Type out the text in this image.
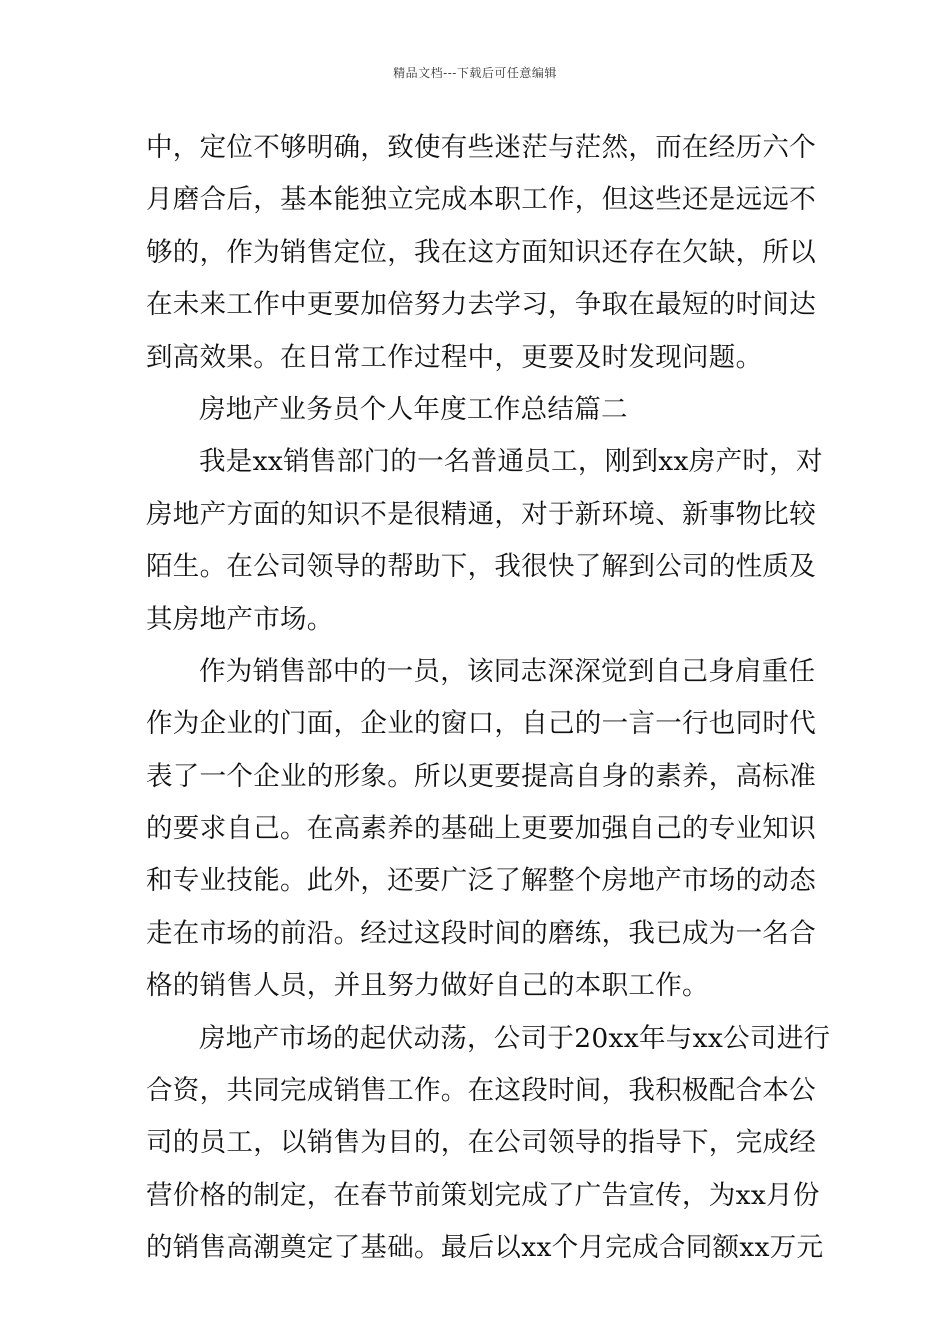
精品文档---下载后可任意编辑
中，定位不够明确，致使有些迷茫与茫然，而在经历六个
月磨合后，基本能独立完成本职工作，但这些还是远远不
够的，作为销售定位，我在这方面知识还存在欠缺，所以
在未来工作中更要加倍努力去学习，争取在最短的时间达
到高效果。在日常工作过程中，更要及时发现问题。
房地产业务员个人年度工作总结篇二
我是xx销售部门的一名普通员工，刚到xx房产时，对
房地产方面的知识不是很精通，对于新环境、新事物比较
陌生。在公司领导的帮助下，我很快了解到公司的性质及
其房地产市场。
作为销售部中的一员，该同志深深觉到自己身肩重任
作为企业的门面，企业的窗口，自己的一言一行也同时代
表了一个企业的形象。所以更要提高自身的素养，高标准
的要求自己。在高素养的基础上更要加强自己的专业知识
和专业技能。此外，还要广泛了解整个房地产市场的动态
走在市场的前沿。经过这段时间的磨练，我已成为一名合
格的销售人员，并且努力做好自己的本职工作。
房地产市场的起伏动荡，公司于20xx年与xx公司进行
合资，共同完成销售工作。在这段时间，我积极配合本公
司的员工，以销售为目的，在公司领导的指导下，完成经
营价格的制定，在春节前策划完成了广告宣传，为xx月份
的销售高潮奠定了基础。最后以xx个月完成合同额xx万元
